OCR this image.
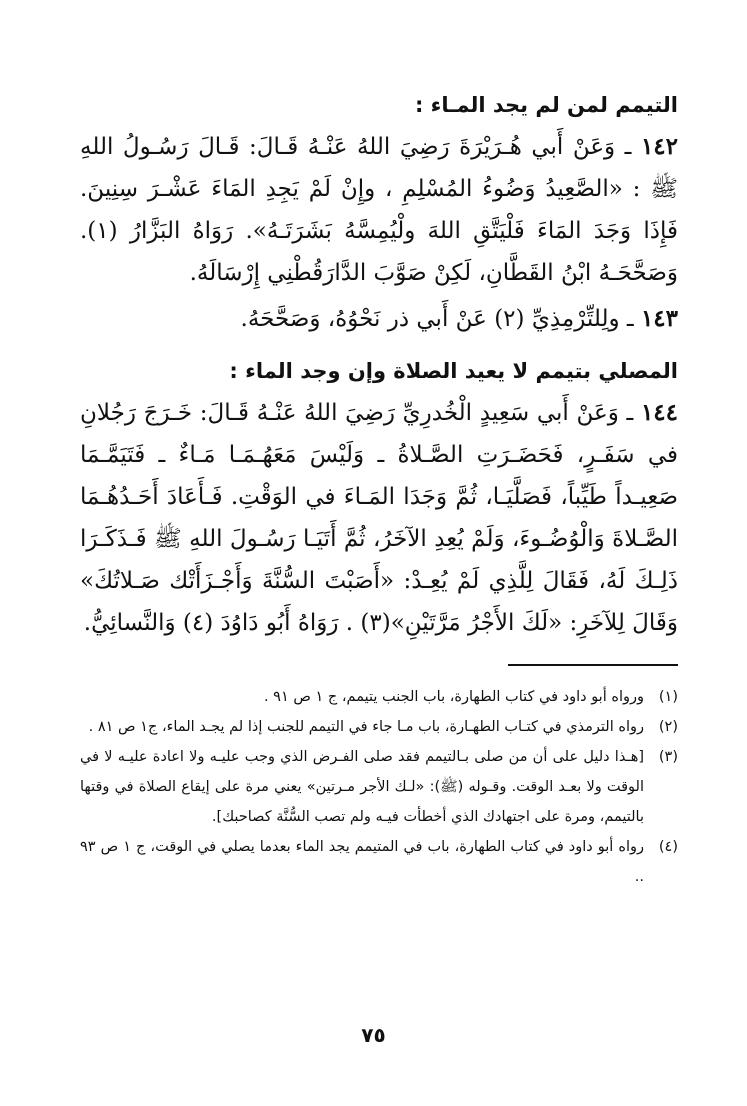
التيمم لمن لم يجد المـاء :

١٤٢ ـ وَعَنْ أَبي هُـرَيْرَةَ رَضِيَ اللهُ عَنْـهُ قَـالَ: قَـالَ رَسُـولُ اللهِ ﷺ : «الصَّعِيدُ وَضُوءُ المُسْلِمِ ، وإِنْ لَمْ يَجِدِ المَاءَ عَشْـرَ سِنِينَ. فَإِذَا وَجَدَ المَاءَ فَلْيَتَّقِ اللهَ ولْيُمِسَّهُ بَشَرَتَـهُ». رَوَاهُ البَزَّارُ (١). وَصَحَّحَـهُ ابْنُ القَطَّانِ، لَكِنْ صَوَّبَ الدَّارَقُطْنِي إِرْسَالَهُ.

١٤٣ ـ ولِلتِّرْمِذِيِّ (٢) عَنْ أَبي ذر نَحْوُهُ، وَصَحَّحَهُ.

المصلي بتيمم لا يعيد الصلاة وإن وجد الماء :

١٤٤ ـ وَعَنْ أَبي سَعِيدٍ الْخُدرِيِّ رَضِيَ اللهُ عَنْـهُ قَـالَ: خَـرَجَ رَجُلانِ في سَفَـرٍ، فَحَضَـرَتِ الصَّـلاةُ ـ وَلَيْسَ مَعَهُـمَـا مَـاءٌ ـ فَتَيَمَّـمَا صَعِيـداً طَيِّباً، فَصَلَّيَـا، ثُمَّ وَجَدَا المَـاءَ في الوَقْتِ. فَـأَعَادَ أَحَـدُهُـمَا الصَّـلاةَ وَالْوُضُـوءَ، وَلَمْ يُعِدِ الآخَرُ، ثُمَّ أَتَيَـا رَسُـولَ اللهِ ﷺ فَـذَكَـرَا ذَلِـكَ لَهُ، فَقَالَ لِلَّذِي لَمْ يُعِـدْ: «أَصَبْتَ السُّنَّةَ وَأَجْـزَأَتْك صَـلاتُكَ» وَقَالَ لِلآخَرِ: «لَكَ الأَجْرُ مَرَّتَيْنِ»(٣) . رَوَاهُ أَبُو دَاوُدَ (٤) وَالنَّسائِيُّ.

(١)
ورواه أبو داود في كتاب الطهارة، باب الجنب يتيمم، ج ١ ص ٩١ .
(٢)
رواه الترمذي في كتـاب الطهـارة، باب مـا جاء في التيمم للجنب إذا لم يجـد الماء، ج١ ص ٨١ .
(٣)
[هـذا دليل على أن من صلى بـالتيمم فقد صلى الفـرض الذي وجب عليـه ولا اعادة عليـه لا في الوقت ولا بعـد الوقت. وقـوله (ﷺ): «لـك الأجر مـرتين» يعني مرة على إيقاع الصلاة في وقتها بالتيمم، ومرة على اجتهادك الذي أخطأت فيـه ولم تصب السُّنَّة كصاحبك].
(٤)
رواه أبو داود في كتاب الطهارة، باب في المتيمم يجد الماء بعدما يصلي في الوقت، ج ١ ص ٩٣ ..
٧٥
